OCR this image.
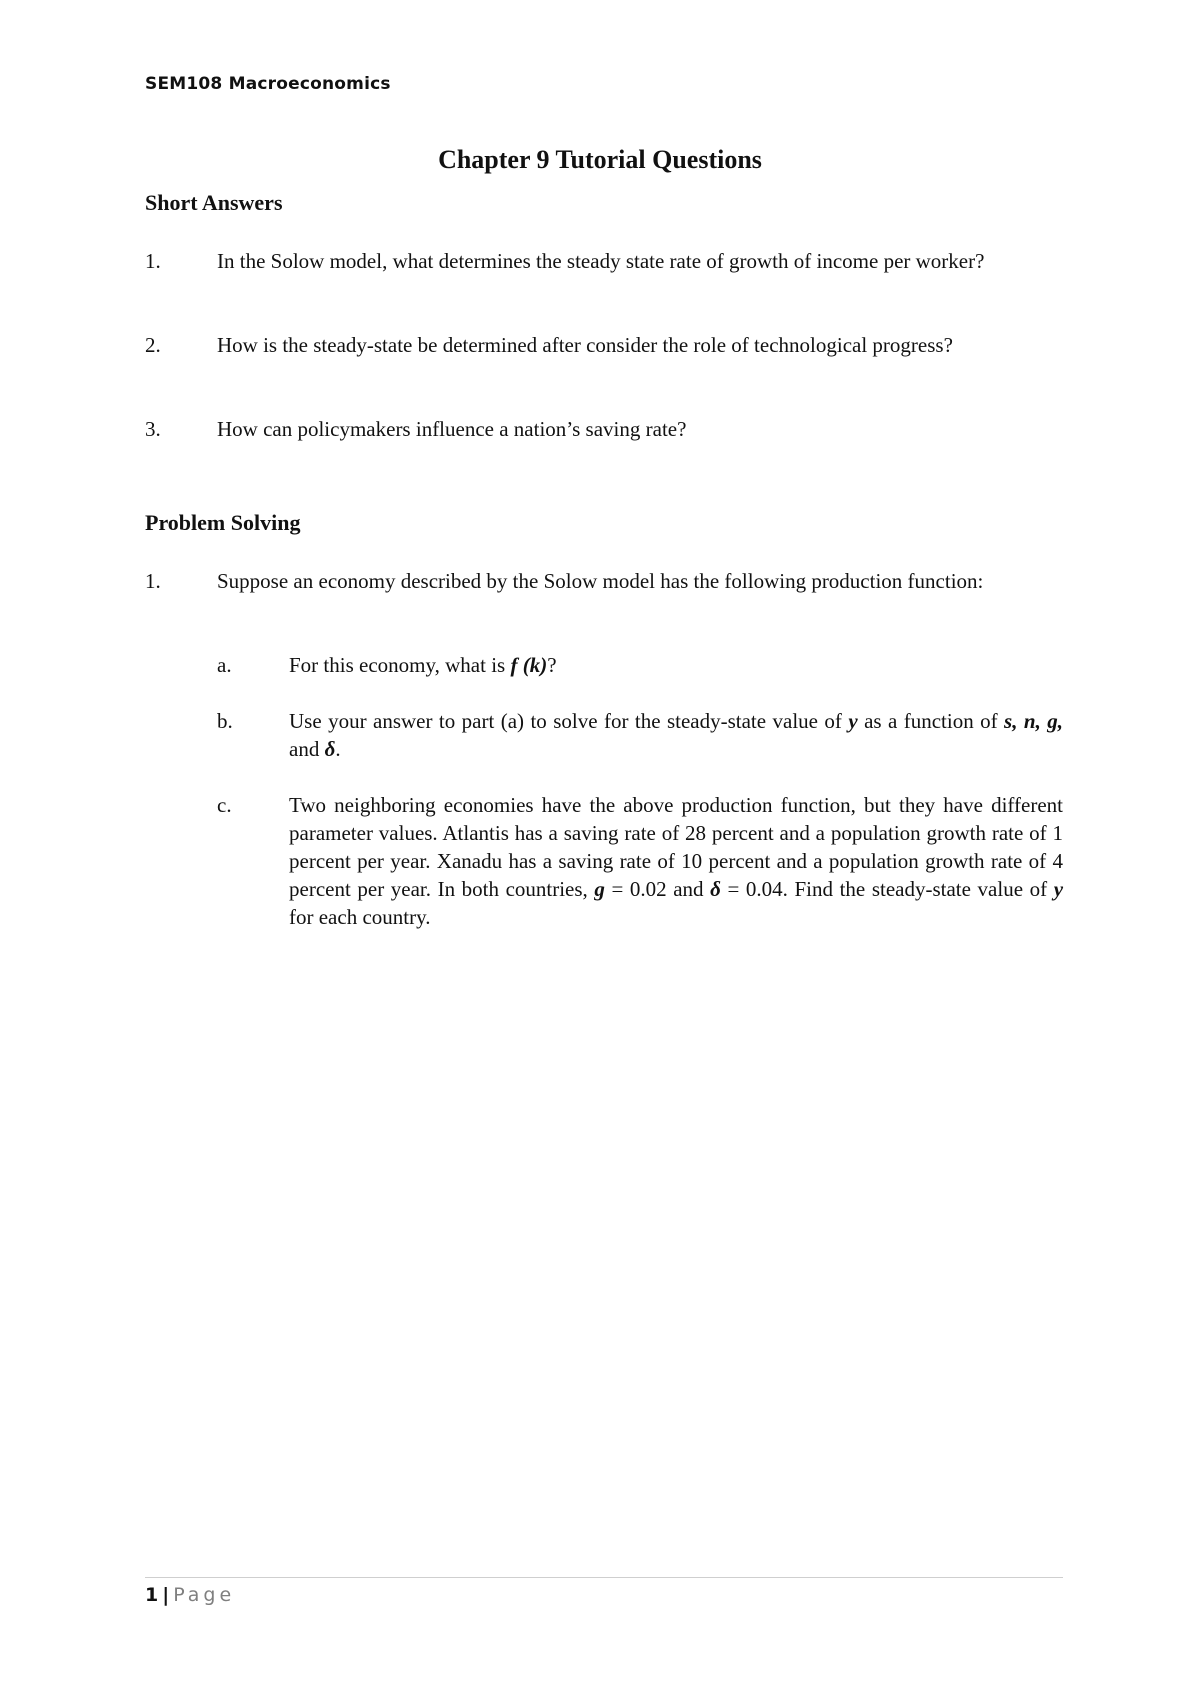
SEM108 Macroeconomics
Chapter 9 Tutorial Questions
Short Answers
1.	In the Solow model, what determines the steady state rate of growth of income per worker?
2.	How is the steady-state be determined after consider the role of technological progress?
3.	How can policymakers influence a nation’s saving rate?
Problem Solving
1.	Suppose an economy described by the Solow model has the following production function:
a.	For this economy, what is f (k)?
b.	Use your answer to part (a) to solve for the steady-state value of y as a function of s, n, g, and δ.
c.	Two neighboring economies have the above production function, but they have different parameter values. Atlantis has a saving rate of 28 percent and a population growth rate of 1 percent per year. Xanadu has a saving rate of 10 percent and a population growth rate of 4 percent per year. In both countries, g = 0.02 and δ = 0.04. Find the steady-state value of y for each country.
1 | Page
